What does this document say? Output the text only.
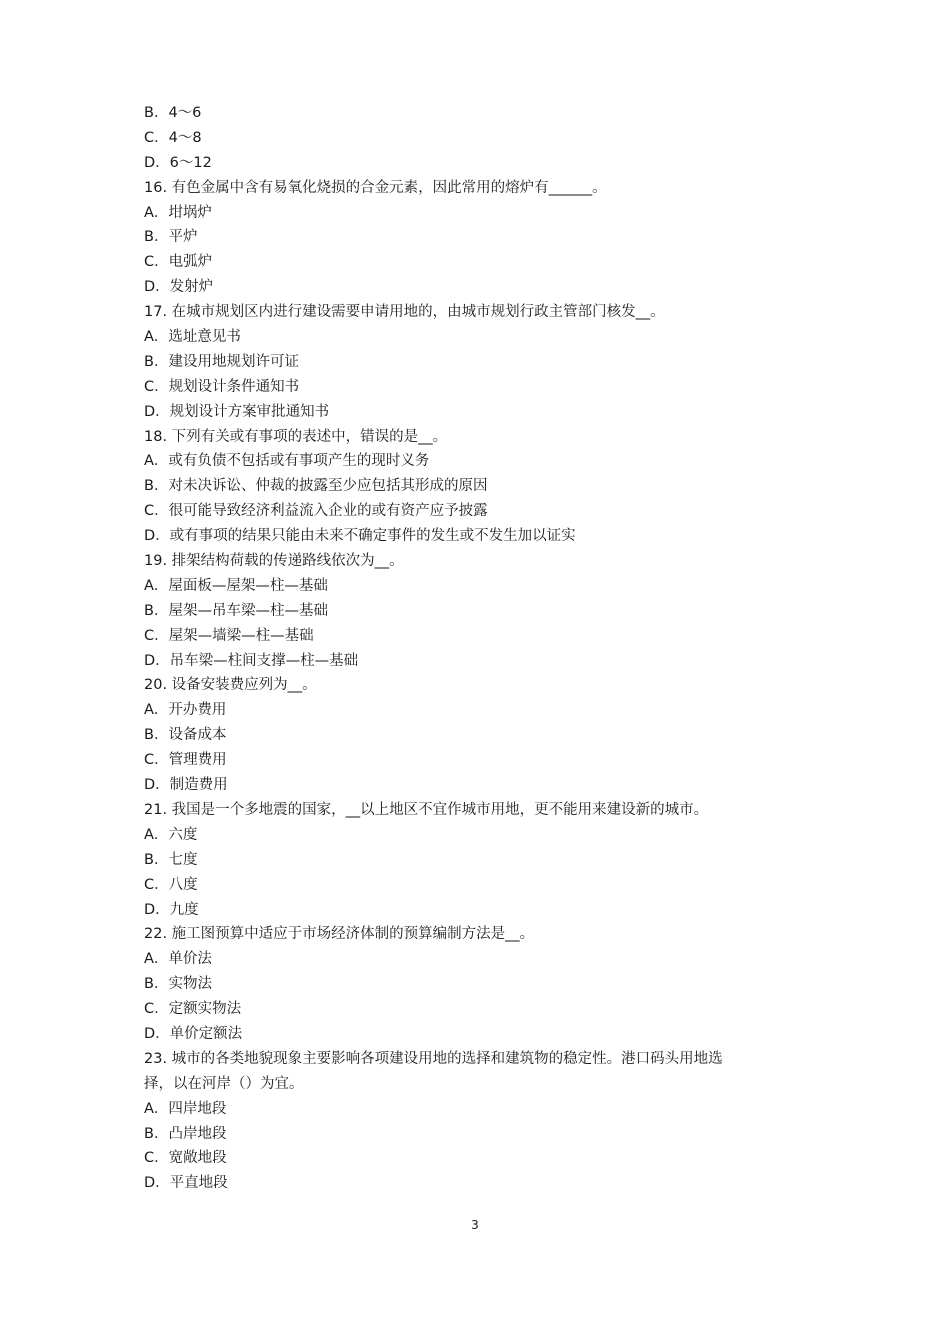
B．4～6
C．4～8
D．6～12
16. 有色金属中含有易氧化烧损的合金元素，因此常用的熔炉有______。
A．坩埚炉
B．平炉
C．电弧炉
D．发射炉
17. 在城市规划区内进行建设需要申请用地的，由城市规划行政主管部门核发__。
A．选址意见书
B．建设用地规划许可证
C．规划设计条件通知书
D．规划设计方案审批通知书
18. 下列有关或有事项的表述中，错误的是__。
A．或有负债不包括或有事项产生的现时义务
B．对未决诉讼、仲裁的披露至少应包括其形成的原因
C．很可能导致经济利益流入企业的或有资产应予披露
D．或有事项的结果只能由未来不确定事件的发生或不发生加以证实
19. 排架结构荷载的传递路线依次为__。
A．屋面板—屋架—柱—基础
B．屋架—吊车梁—柱—基础
C．屋架—墙梁—柱—基础
D．吊车梁—柱间支撑—柱—基础
20. 设备安装费应列为__。
A．开办费用
B．设备成本
C．管理费用
D．制造费用
21. 我国是一个多地震的国家，__以上地区不宜作城市用地，更不能用来建设新的城市。
A．六度
B．七度
C．八度
D．九度
22. 施工图预算中适应于市场经济体制的预算编制方法是__。
A．单价法
B．实物法
C．定额实物法
D．单价定额法
23. 城市的各类地貌现象主要影响各项建设用地的选择和建筑物的稳定性。港口码头用地选
择，以在河岸（）为宜。
A．四岸地段
B．凸岸地段
C．宽敞地段
D．平直地段
3
